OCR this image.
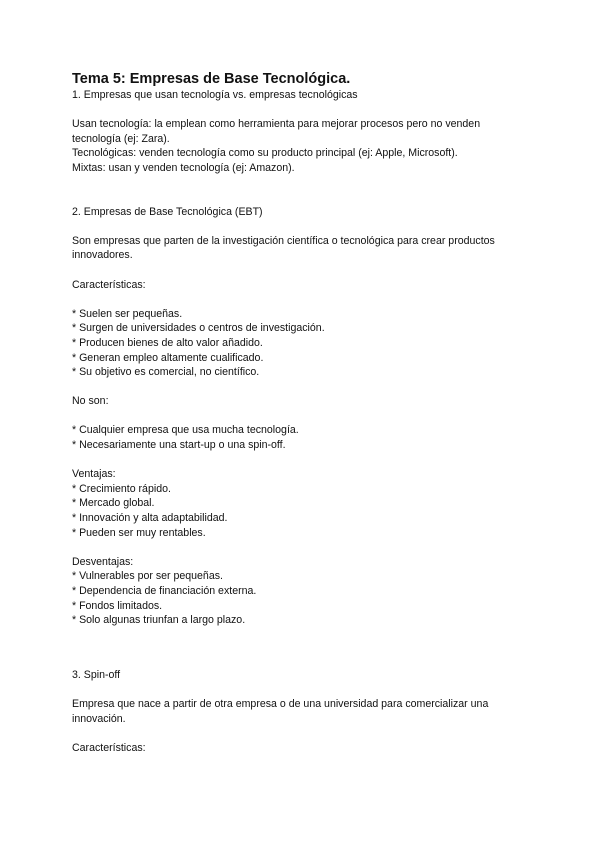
Tema 5: Empresas de Base Tecnológica.

1. Empresas que usan tecnología vs. empresas tecnológicas

Usan tecnología: la emplean como herramienta para mejorar procesos pero no venden tecnología (ej: Zara).

Tecnológicas: venden tecnología como su producto principal (ej: Apple, Microsoft).

Mixtas: usan y venden tecnología (ej: Amazon).

2. Empresas de Base Tecnológica (EBT)

Son empresas que parten de la investigación científica o tecnológica para crear productos innovadores.

Características:

* Suelen ser pequeñas.

* Surgen de universidades o centros de investigación.

* Producen bienes de alto valor añadido.

* Generan empleo altamente cualificado.

* Su objetivo es comercial, no científico.

No son:

* Cualquier empresa que usa mucha tecnología.

* Necesariamente una start-up o una spin-off.

Ventajas:

* Crecimiento rápido.

* Mercado global.

* Innovación y alta adaptabilidad.

* Pueden ser muy rentables.

Desventajas:

* Vulnerables por ser pequeñas.

* Dependencia de financiación externa.

* Fondos limitados.

* Solo algunas triunfan a largo plazo.

3. Spin-off

Empresa que nace a partir de otra empresa o de una universidad para comercializar una innovación.

Características:
